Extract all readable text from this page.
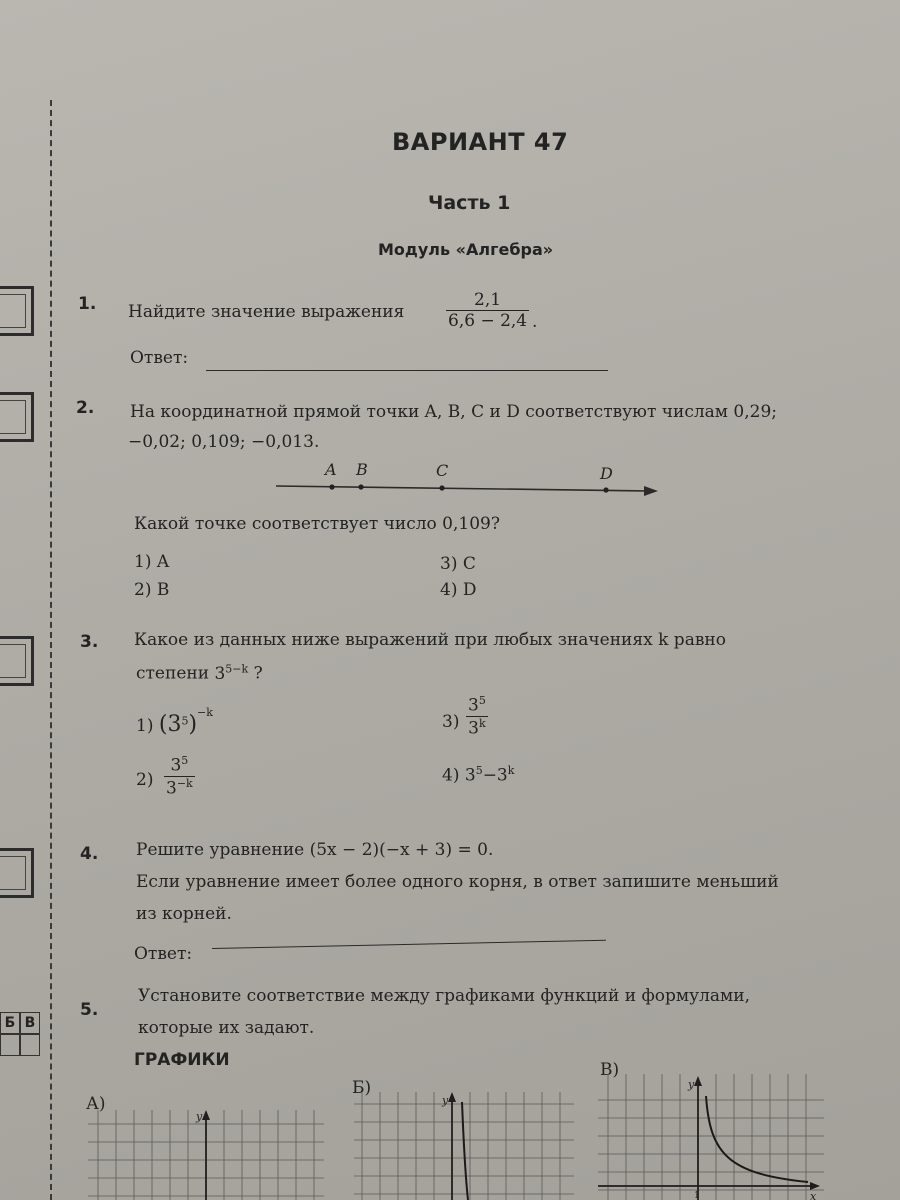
Б В
ВАРИАНТ 47
Часть 1
Модуль «Алгебра»
1. Найдите значение выражения $\frac{2,1}{6,6 - 2,4}$ .
Ответ:
2. На координатной прямой точки A, B, C и D соответствуют числам 0,29;
−0,02; 0,109; −0,013.
A B	C	D
Какой точке соответствует число 0,109?
1) A
2) B
3) C
4) D
3. Какое из данных ниже выражений при любых значениях k равно
степени $3^{5-k}$ ?
1) $(3^5)^{-k}$
$2) \frac{3^5}{3^{-k}}$
$3) \frac{3^5}{3^k}$
4) $3^5-3^k$
4. Решите уравнение (5x − 2)(−x + 3) = 0.
Если уравнение имеет более одного корня, в ответ запишите меньший
из корней.
Ответ:
5.
Установите соответствие между графиками функций и формулами,
которые их задают.
ГРАФИКИ
А)
Б)
В)
y
y
y
x
1
